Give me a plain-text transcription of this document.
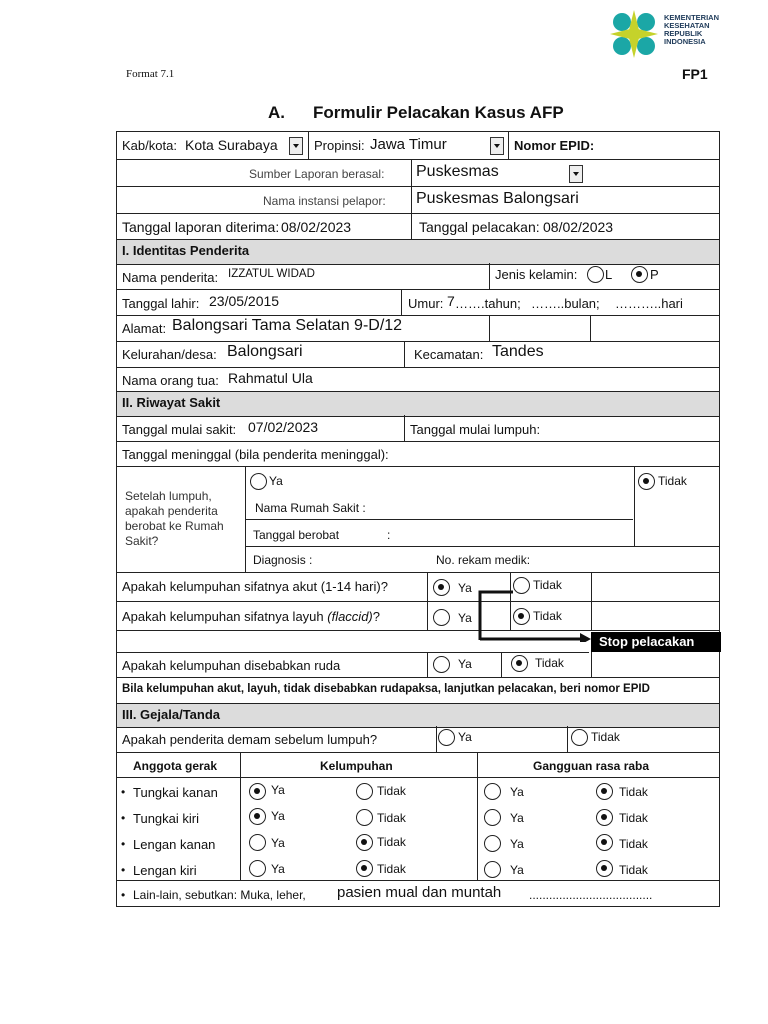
KEMENTERIAN
KESEHATAN
REPUBLIK
INDONESIA
Format 7.1	FP1
A. Formulir Pelacakan Kasus AFP
Kab/kota: Kota Surabaya	Propinsi: Jawa Timur	Nomor EPID:
Sumber Laporan berasal: Puskesmas
Nama instansi pelapor: Puskesmas Balongsari
Tanggal laporan diterima: 08/02/2023	Tanggal pelacakan: 08/02/2023
I. Identitas Penderita
Nama penderita: IZZATUL WIDAD	Jenis kelamin: L	P
Tanggal lahir: 23/05/2015	Umur: 7 …….tahun; ……..bulan; ………..hari
Alamat: Balongsari Tama Selatan 9-D/12
Kelurahan/desa: Balongsari	Kecamatan: Tandes
Nama orang tua: Rahmatul Ula
II. Riwayat Sakit
Tanggal mulai sakit: 07/02/2023	Tanggal mulai lumpuh:
Tanggal meninggal (bila penderita meninggal):
Setelah lumpuh,
apakah penderita
berobat ke Rumah
Sakit?
Ya
Nama Rumah Sakit :
Tanggal berobat	:
Tidak
Diagnosis :	No. rekam medik:
Apakah kelumpuhan sifatnya akut (1-14 hari)?	Ya	Tidak
Apakah kelumpuhan sifatnya layuh (flaccid)?	Ya	Tidak
Stop pelacakan
Apakah kelumpuhan disebabkan ruda	Ya	Tidak
Bila kelumpuhan akut, layuh, tidak disebabkan rudapaksa, lanjutkan pelacakan, beri nomor EPID
III. Gejala/Tanda
Apakah penderita demam sebelum lumpuh?	Ya	Tidak
Anggota gerak	Kelumpuhan	Gangguan rasa raba
• Tungkai kanan	Ya	Tidak	Ya	Tidak
• Tungkai kiri	Ya	Tidak	Ya	Tidak
• Lengan kanan	Ya	Tidak	Ya	Tidak
• Lengan kiri	Ya	Tidak	Ya	Tidak
• Lain-lain, sebutkan: Muka, leher, pasien mual dan muntah .....................................
